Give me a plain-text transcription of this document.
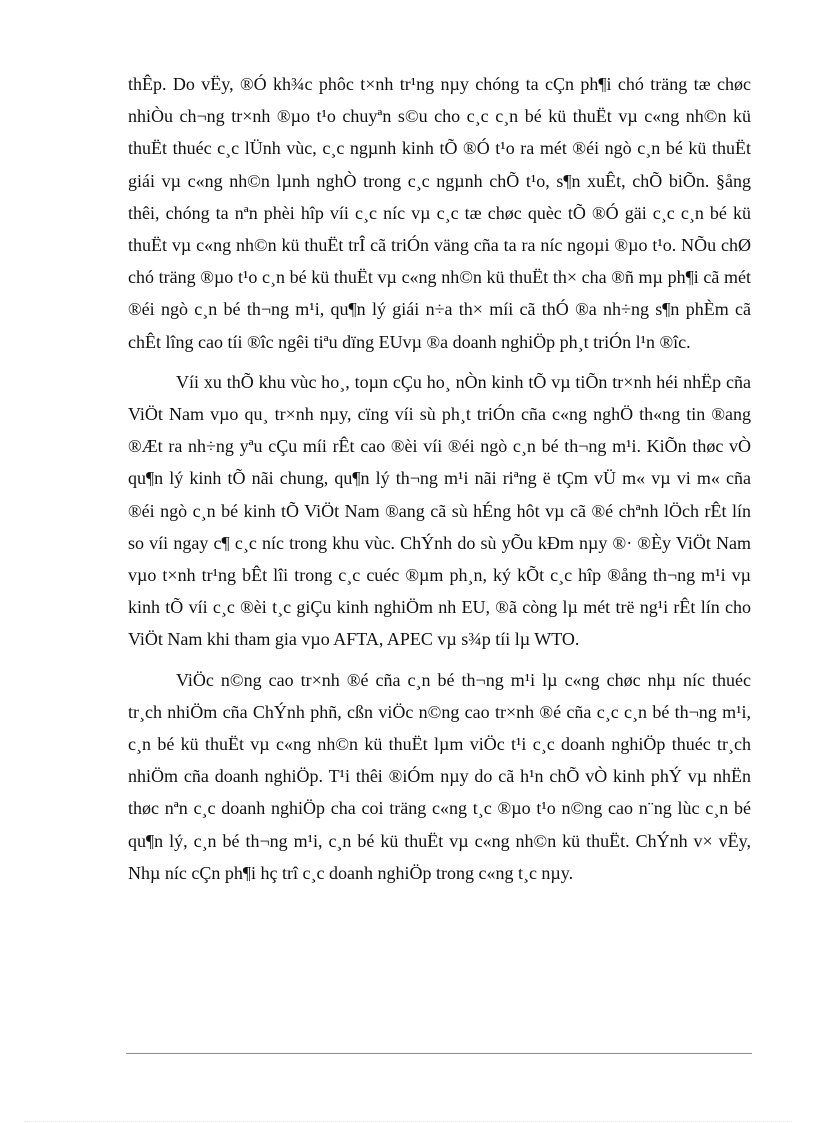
thÊp. Do vËy, ®Ó kh¾c phôc t×nh tr¹ng nµy chóng ta cÇn ph¶i chó träng tæ chøc nhiÒu ch¬ng tr×nh ®µo t¹o chuyªn s©u cho c¸c c¸n bé kü thuËt vµ c«ng nh©n kü thuËt thuéc c¸c lÜnh vùc, c¸c ngµnh kinh tÕ ®Ó t¹o ra mét ®éi ngò c¸n bé kü thuËt giái vµ c«ng nh©n lµnh nghÒ trong c¸c ngµnh chÕ t¹o, s¶n xuÊt, chÕ biÕn. §ång thêi, chóng ta nªn phèi hîp víi c¸c níc vµ c¸c tæ chøc quèc tÕ ®Ó gäi c¸c c¸n bé kü thuËt vµ c«ng nh©n kü thuËt trÎ cã triÓn väng cña ta ra níc ngoµi ®µo t¹o. NÕu chØ chó träng ®µo t¹o c¸n bé kü thuËt vµ c«ng nh©n kü thuËt th× cha ®ñ mµ ph¶i cã mét ®éi ngò c¸n bé th¬ng m¹i, qu¶n lý giái n÷a th× míi cã thÓ ®a nh÷ng s¶n phÈm cã chÊt lîng cao tíi ®îc ngêi tiªu dïng EUvµ ®a doanh nghiÖp ph¸t triÓn l¹n ®îc.

Víi xu thÕ khu vùc ho¸, toµn cÇu ho¸ nÒn kinh tÕ vµ tiÕn tr×nh héi nhËp cña ViÖt Nam vµo qu¸ tr×nh nµy, cïng víi sù ph¸t triÓn cña c«ng nghÖ th«ng tin ®ang ®Æt ra nh÷ng yªu cÇu míi rÊt cao ®èi víi ®éi ngò c¸n bé th¬ng m¹i. KiÕn thøc vÒ qu¶n lý kinh tÕ nãi chung, qu¶n lý th¬ng m¹i nãi riªng ë tÇm vÜ m« vµ vi m« cña ®éi ngò c¸n bé kinh tÕ ViÖt Nam ®ang cã sù hÉng hôt vµ cã ®é chªnh lÖch rÊt lín so víi ngay c¶ c¸c níc trong khu vùc. ChÝnh do sù yÕu kÐm nµy ®· ®Èy ViÖt Nam vµo t×nh tr¹ng bÊt lîi trong c¸c cuéc ®µm ph¸n, ký kÕt c¸c hîp ®ång th¬ng m¹i vµ kinh tÕ víi c¸c ®èi t¸c giÇu kinh nghiÖm nh EU, ®ã còng lµ mét trë ng¹i rÊt lín cho ViÖt Nam khi tham gia vµo AFTA, APEC vµ s¾p tíi lµ WTO.

ViÖc n©ng cao tr×nh ®é cña c¸n bé th¬ng m¹i lµ c«ng chøc nhµ níc thuéc tr¸ch nhiÖm cña ChÝnh phñ, cßn viÖc n©ng cao tr×nh ®é cña c¸c c¸n bé th¬ng m¹i, c¸n bé kü thuËt vµ c«ng nh©n kü thuËt lµm viÖc t¹i c¸c doanh nghiÖp thuéc tr¸ch nhiÖm cña doanh nghiÖp. T¹i thêi ®iÓm nµy do cã h¹n chÕ vÒ kinh phÝ vµ nhËn thøc nªn c¸c doanh nghiÖp cha coi träng c«ng t¸c ®µo t¹o n©ng cao n¨ng lùc c¸n bé qu¶n lý, c¸n bé th¬ng m¹i, c¸n bé kü thuËt vµ c«ng nh©n kü thuËt. ChÝnh v× vËy, Nhµ níc cÇn ph¶i hç trî c¸c doanh nghiÖp trong c«ng t¸c nµy.
